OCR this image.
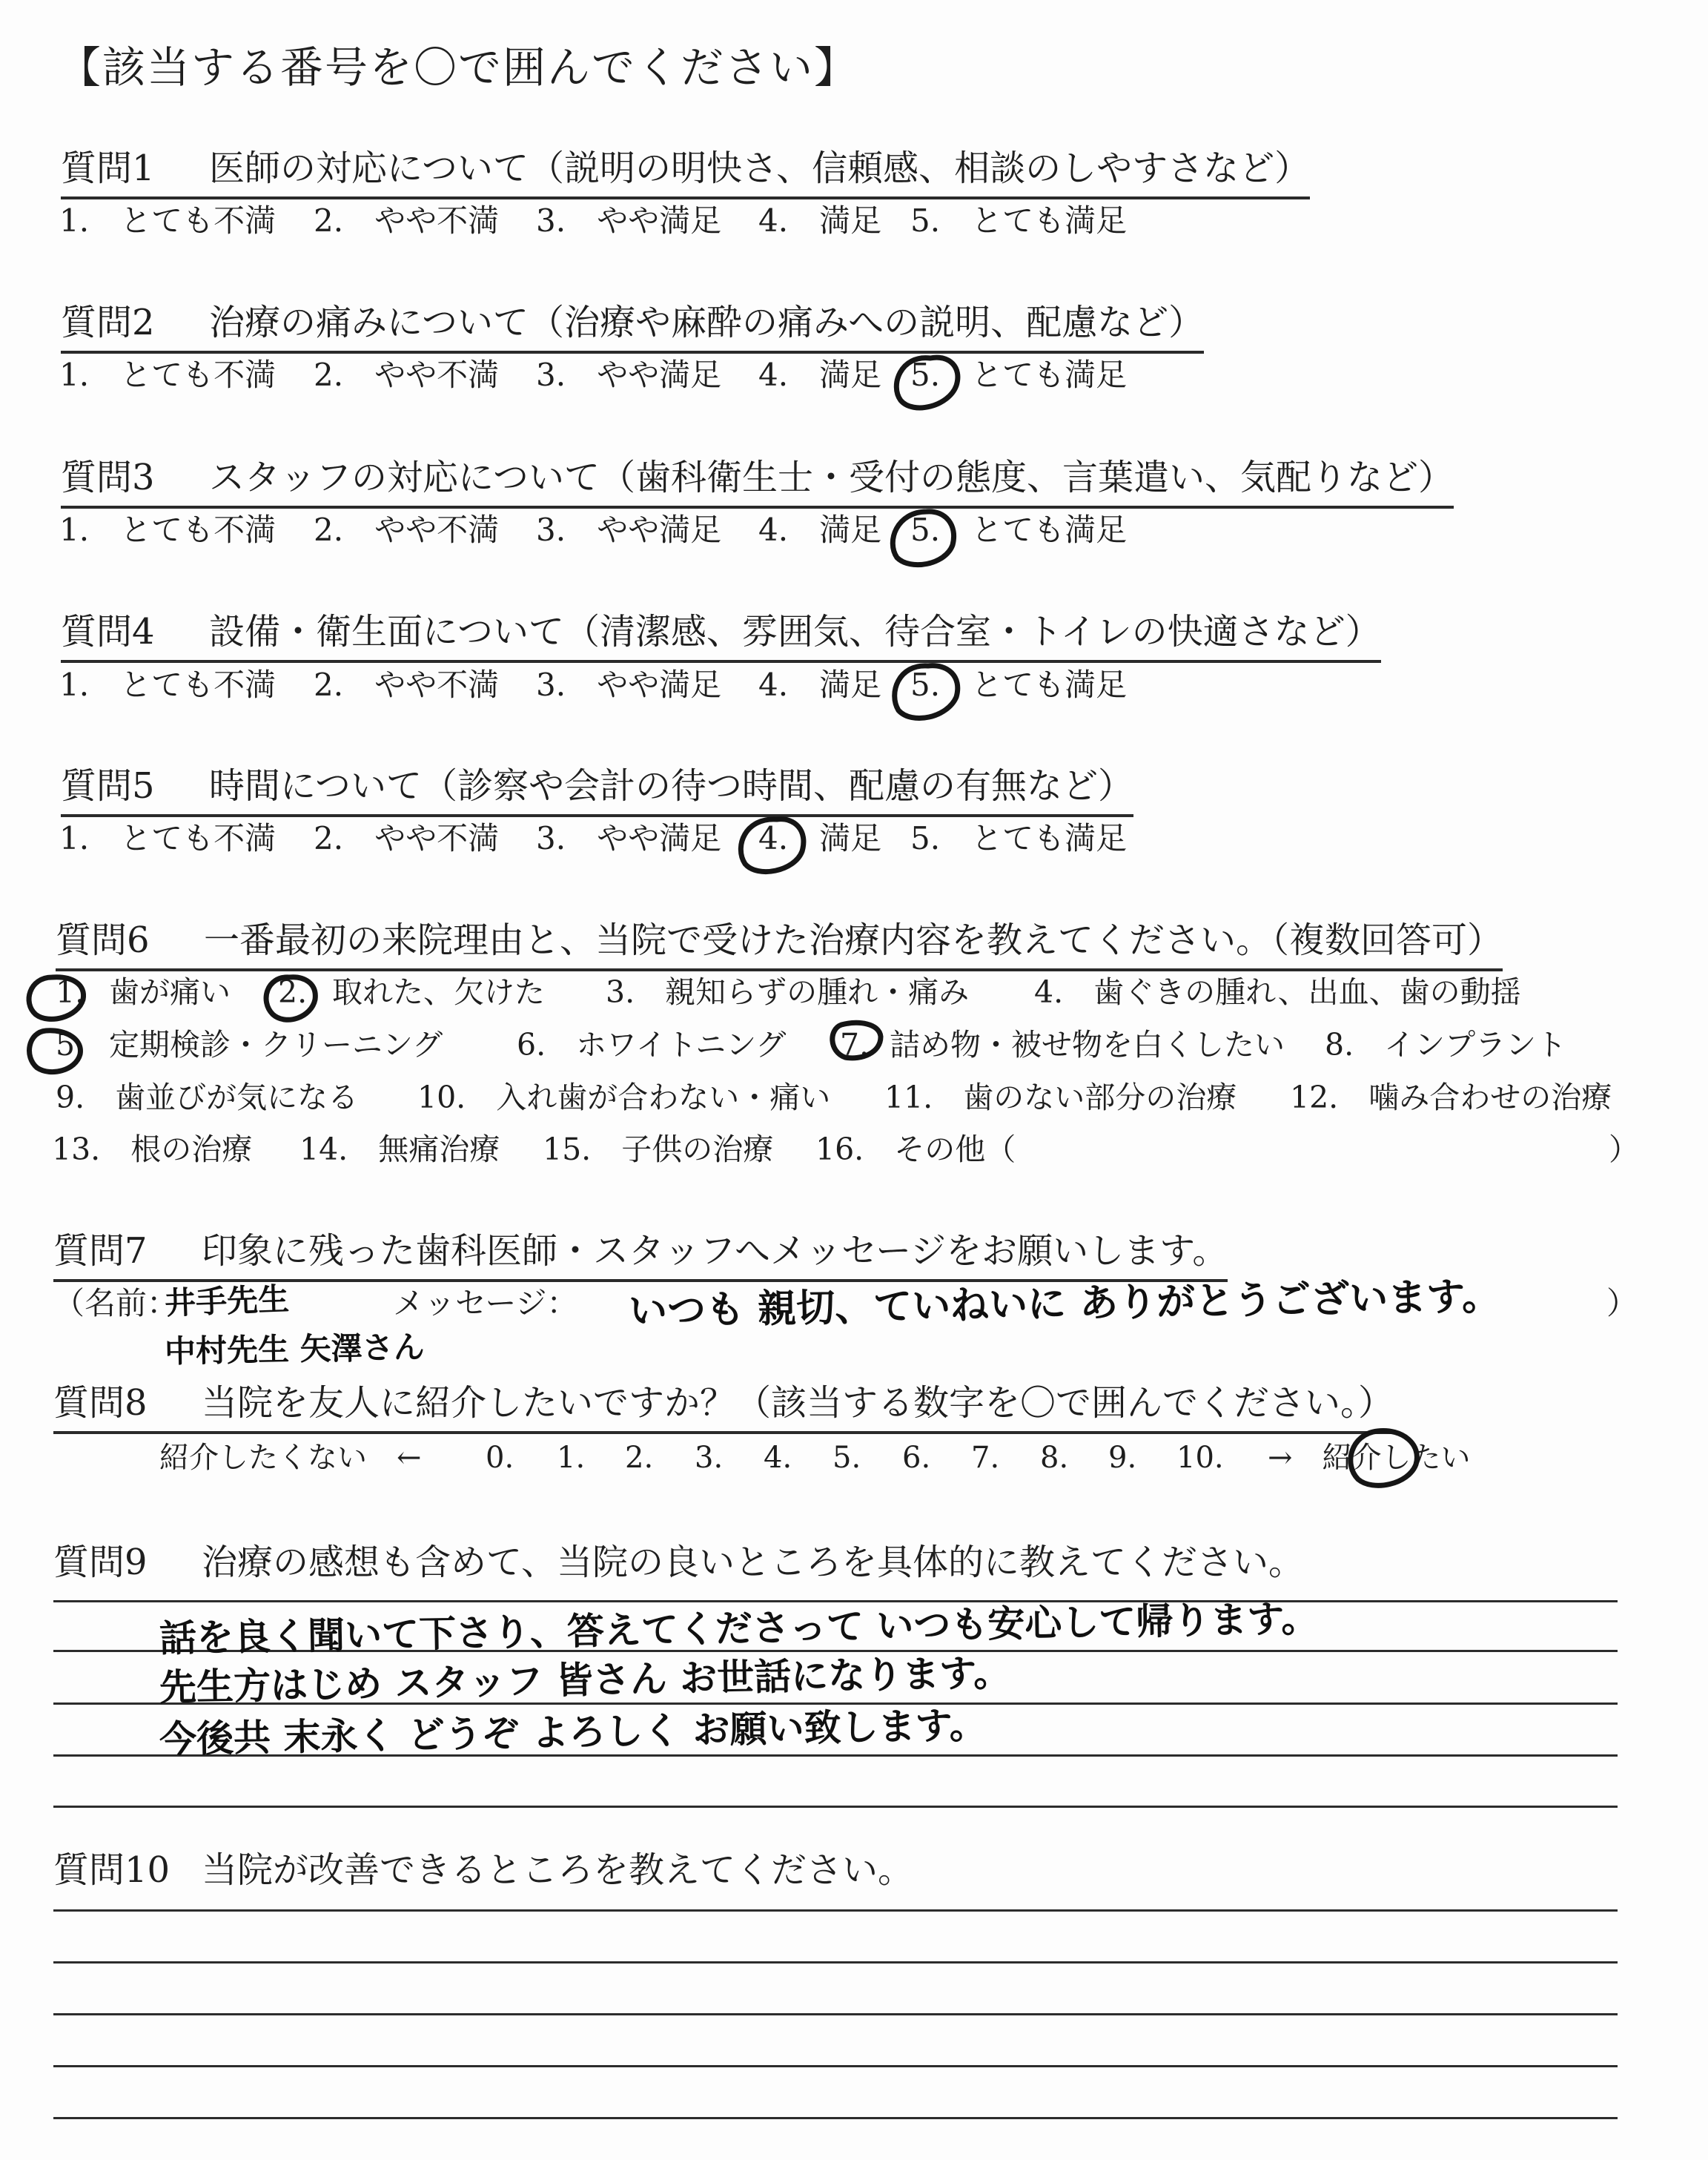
【該当する番号を〇で囲んでください】
質問1 医師の対応について（説明の明快さ、信頼感、相談のしやすさなど）
1.　とても不満 2.　やや不満 3.　やや満足 4.　満足 5.　とても満足
質問2 治療の痛みについて（治療や麻酔の痛みへの説明、配慮など）
1.　とても不満 2.　やや不満 3.　やや満足 4.　満足 5.　とても満足
質問3 スタッフの対応について（歯科衛生士・受付の態度、言葉遣い、気配りなど）
1.　とても不満 2.　やや不満 3.　やや満足 4.　満足 5.　とても満足
質問4 設備・衛生面について（清潔感、雰囲気、待合室・トイレの快適さなど）
1.　とても不満 2.　やや不満 3.　やや満足 4.　満足 5.　とても満足
質問5 時間について（診察や会計の待つ時間、配慮の有無など）
1.　とても不満 2.　やや不満 3.　やや満足 4.　満足 5.　とても満足
質問6 一番最初の来院理由と、当院で受けた治療内容を教えてください。（複数回答可）
1. 歯が痛い 2. 取れた、欠けた 3.　親知らずの腫れ・痛み 4.　歯ぐきの腫れ、出血、歯の動揺
5. 定期検診・クリーニング 6.　ホワイトニング 7. 詰め物・被せ物を白くしたい 8.　インプラント
9.　歯並びが気になる 10.　入れ歯が合わない・痛い 11.　歯のない部分の治療 12.　噛み合わせの治療
13.　根の治療 14.　無痛治療 15.　子供の治療 16.　その他（	）
質問7 印象に残った歯科医師・スタッフへメッセージをお願いします。
（名前：	メッセージ：	）
井手先生
中村先生 矢澤さん
いつも 親切、ていねいに ありがとうございます。
質問8 当院を友人に紹介したいですか？（該当する数字を〇で囲んでください。）
紹介したくない　← 0. 1. 2. 3. 4. 5. 6. 7. 8. 9. 10. →　紹介したい
質問9 治療の感想も含めて、当院の良いところを具体的に教えてください。
話を良く聞いて下さり、答えてくださって いつも安心して帰ります。
先生方はじめ スタッフ 皆さん お世話になります。
今後共 末永く どうぞ よろしく お願い致します。
質問10 当院が改善できるところを教えてください。
